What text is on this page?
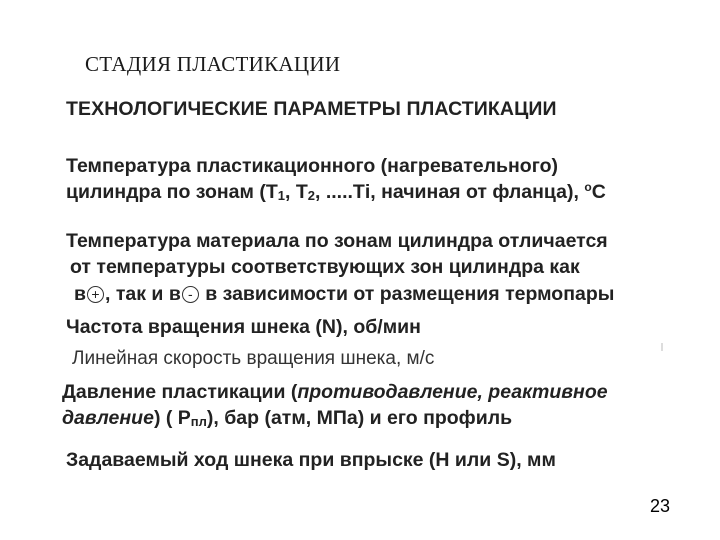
СТАДИЯ ПЛАСТИКАЦИИ
ТЕХНОЛОГИЧЕСКИЕ ПАРАМЕТРЫ ПЛАСТИКАЦИИ
Температура пластикационного (нагревательного)
цилиндра по зонам ($Т_1$, $Т_2$, .....Тi, начиная от фланца), $^о$С
Температура материала по зонам цилиндра отличается
от температуры соответствующих зон цилиндра как
в + , так и в - в зависимости от размещения термопары
Частота вращения шнека (N), об/мин
Линейная скорость вращения шнека, м/с
Давление пластикации (противодавление, реактивное
давление) ( $Р_{пл}$), бар (атм, МПа) и его профиль
Задаваемый ход шнека при впрыске (H или S), мм
23
